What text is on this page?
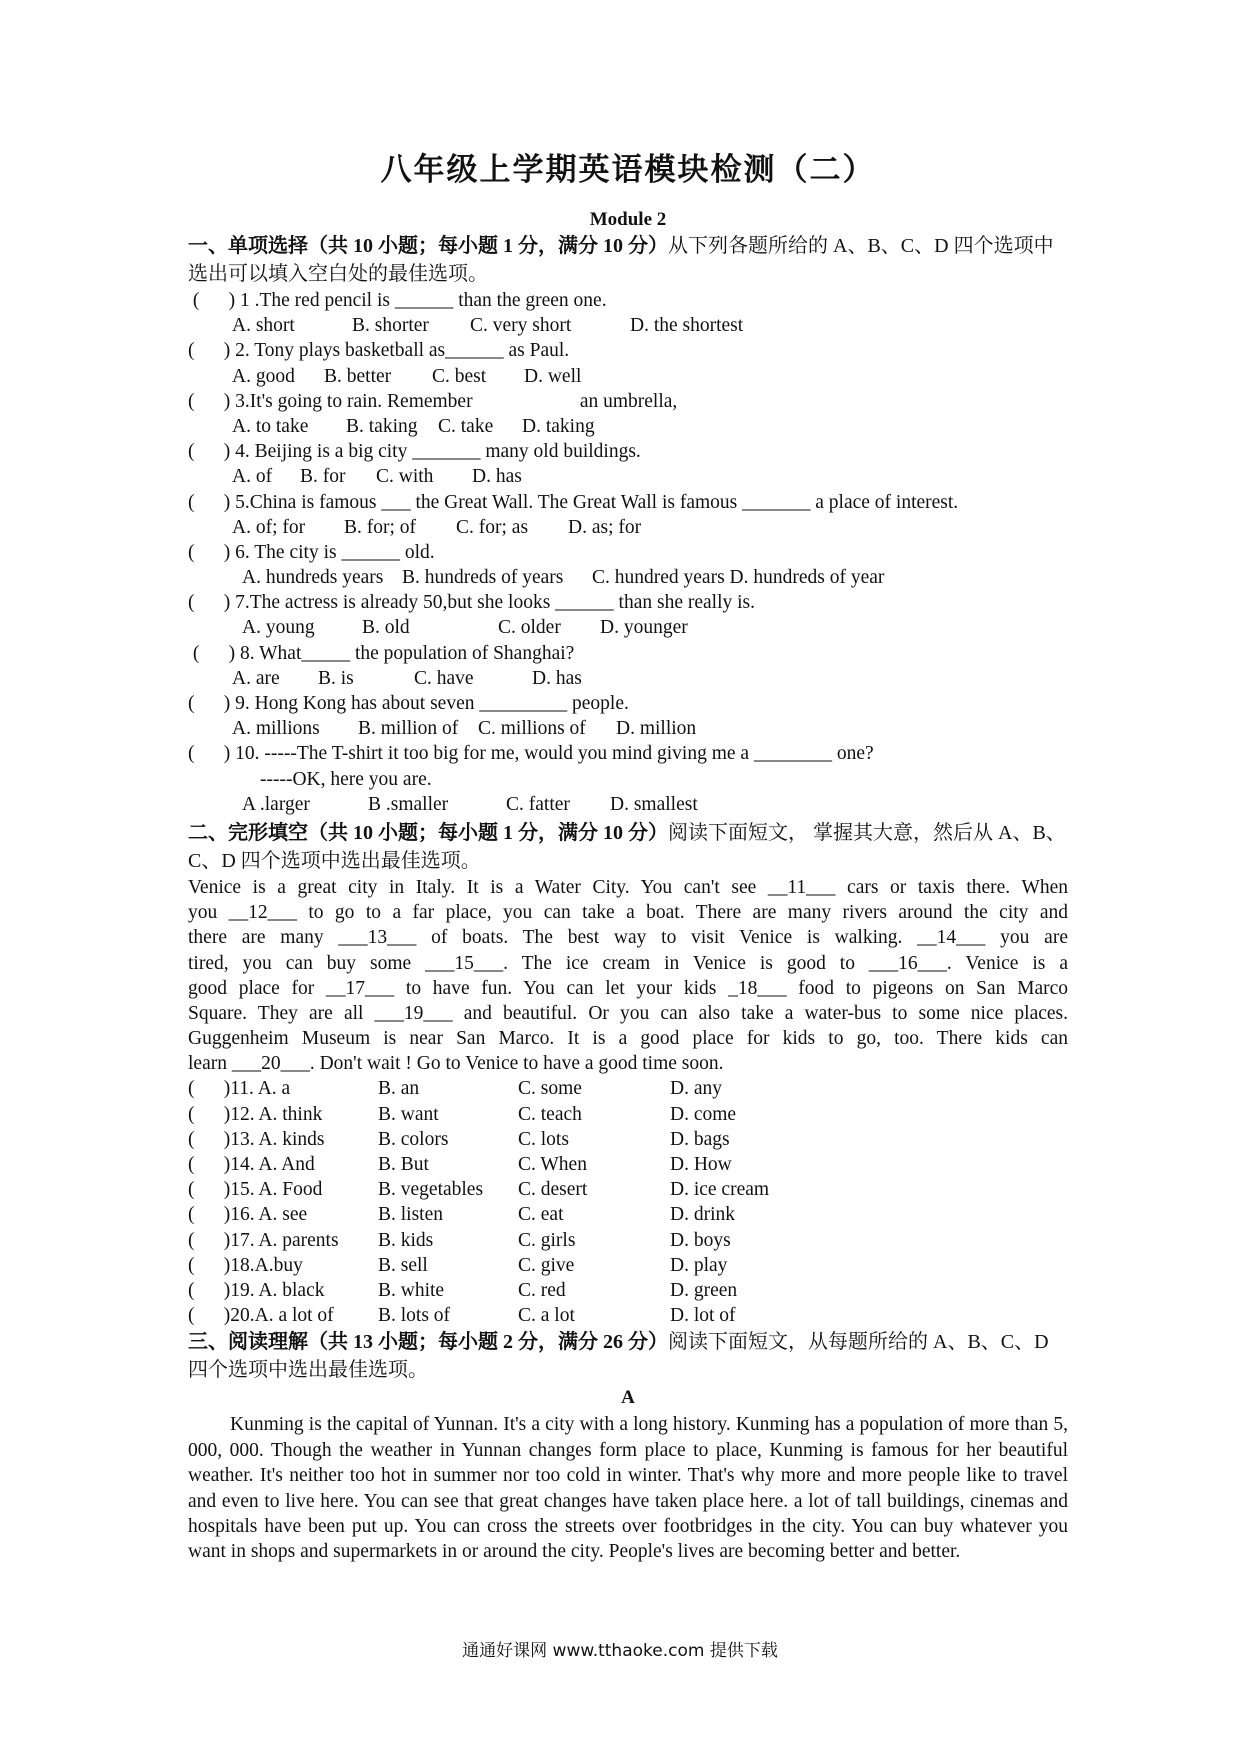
八年级上学期英语模块检测（二）
Module 2
一、单项选择（共 10 小题；每小题 1 分，满分 10 分）从下列各题所给的 A、B、C、D 四个选项中选出可以填入空白处的最佳选项。
(      ) 1 .The red pencil is ______ than the green one.
A. short	B. shorter	C. very short	D. the shortest
(      ) 2. Tony plays basketball as______ as Paul.
A. good	B. better	C. best	D. well
(      ) 3.It's going to rain. Remember                      an umbrella,
A. to take	B. taking	C. take	D. taking
(      ) 4. Beijing is a big city _______ many old buildings.
A. of	B. for	C. with	D. has
(      ) 5.China is famous ___ the Great Wall. The Great Wall is famous _______ a place of interest.
A. of; for	B. for; of	C. for; as	D. as; for
(      ) 6. The city is ______ old.
A. hundreds years B. hundreds of years	C. hundred years D. hundreds of year
(      ) 7.The actress is already 50,but she looks ______ than she really is.
A. young	B. old	C. older	D. younger
(      ) 8. What_____ the population of Shanghai?
A. are	B. is	C. have	D. has
(      ) 9. Hong Kong has about seven _________ people.
A. millions	B. million of	C. millions of	D. million
(      ) 10. -----The T-shirt it too big for me, would you mind giving me a ________ one?
-----OK, here you are.
A .larger	B .smaller	C. fatter	D. smallest
二、完形填空（共 10 小题；每小题 1 分，满分 10 分）阅读下面短文， 掌握其大意，然后从 A、B、C、D 四个选项中选出最佳选项。
Venice is a great city in Italy. It is a Water City. You can't see __11___ cars or taxis there. When
you __12___ to go to a far place, you can take a boat. There are many rivers around the city and
there are many ___13___ of boats. The best way to visit Venice is walking. __14___ you are
tired, you can buy some ___15___. The ice cream in Venice is good to ___16___. Venice is a
good place for __17___ to have fun. You can let your kids _18___ food to pigeons on San Marco
Square. They are all ___19___ and beautiful. Or you can also take a water-bus to some nice places.
Guggenheim Museum is near San Marco. It is a good place for kids to go, too. There kids can
learn ___20___. Don't wait ! Go to Venice to have a good time soon.
(      )11. A. a	B. an	C. some	D. any
(      )12. A. think	B. want	C. teach	D. come
(      )13. A. kinds	B. colors	C. lots	D. bags
(      )14. A. And	B. But	C. When	D. How
(      )15. A. Food	B. vegetables	C. desert	D. ice cream
(      )16. A. see	B. listen	C. eat	D. drink
(      )17. A. parents	B. kids	C. girls	D. boys
(      )18.A.buy	B. sell	C. give	D. play
(      )19. A. black	B. white	C. red	D. green
(      )20.A. a lot of	B. lots of	C. a lot	D. lot of
三、阅读理解（共 13 小题；每小题 2 分，满分 26 分）阅读下面短文，从每题所给的 A、B、C、D 四个选项中选出最佳选项。
A
Kunming is the capital of Yunnan. It's a city with a long history. Kunming has a population of more than 5, 000, 000. Though the weather in Yunnan changes form place to place, Kunming is famous for her beautiful weather. It's neither too hot in summer nor too cold in winter. That's why more and more people like to travel and even to live here. You can see that great changes have taken place here. a lot of tall buildings, cinemas and hospitals have been put up. You can cross the streets over footbridges in the city. You can buy whatever you want in shops and supermarkets in or around the city. People's lives are becoming better and better.
通通好课网 www.tthaoke.com 提供下载
